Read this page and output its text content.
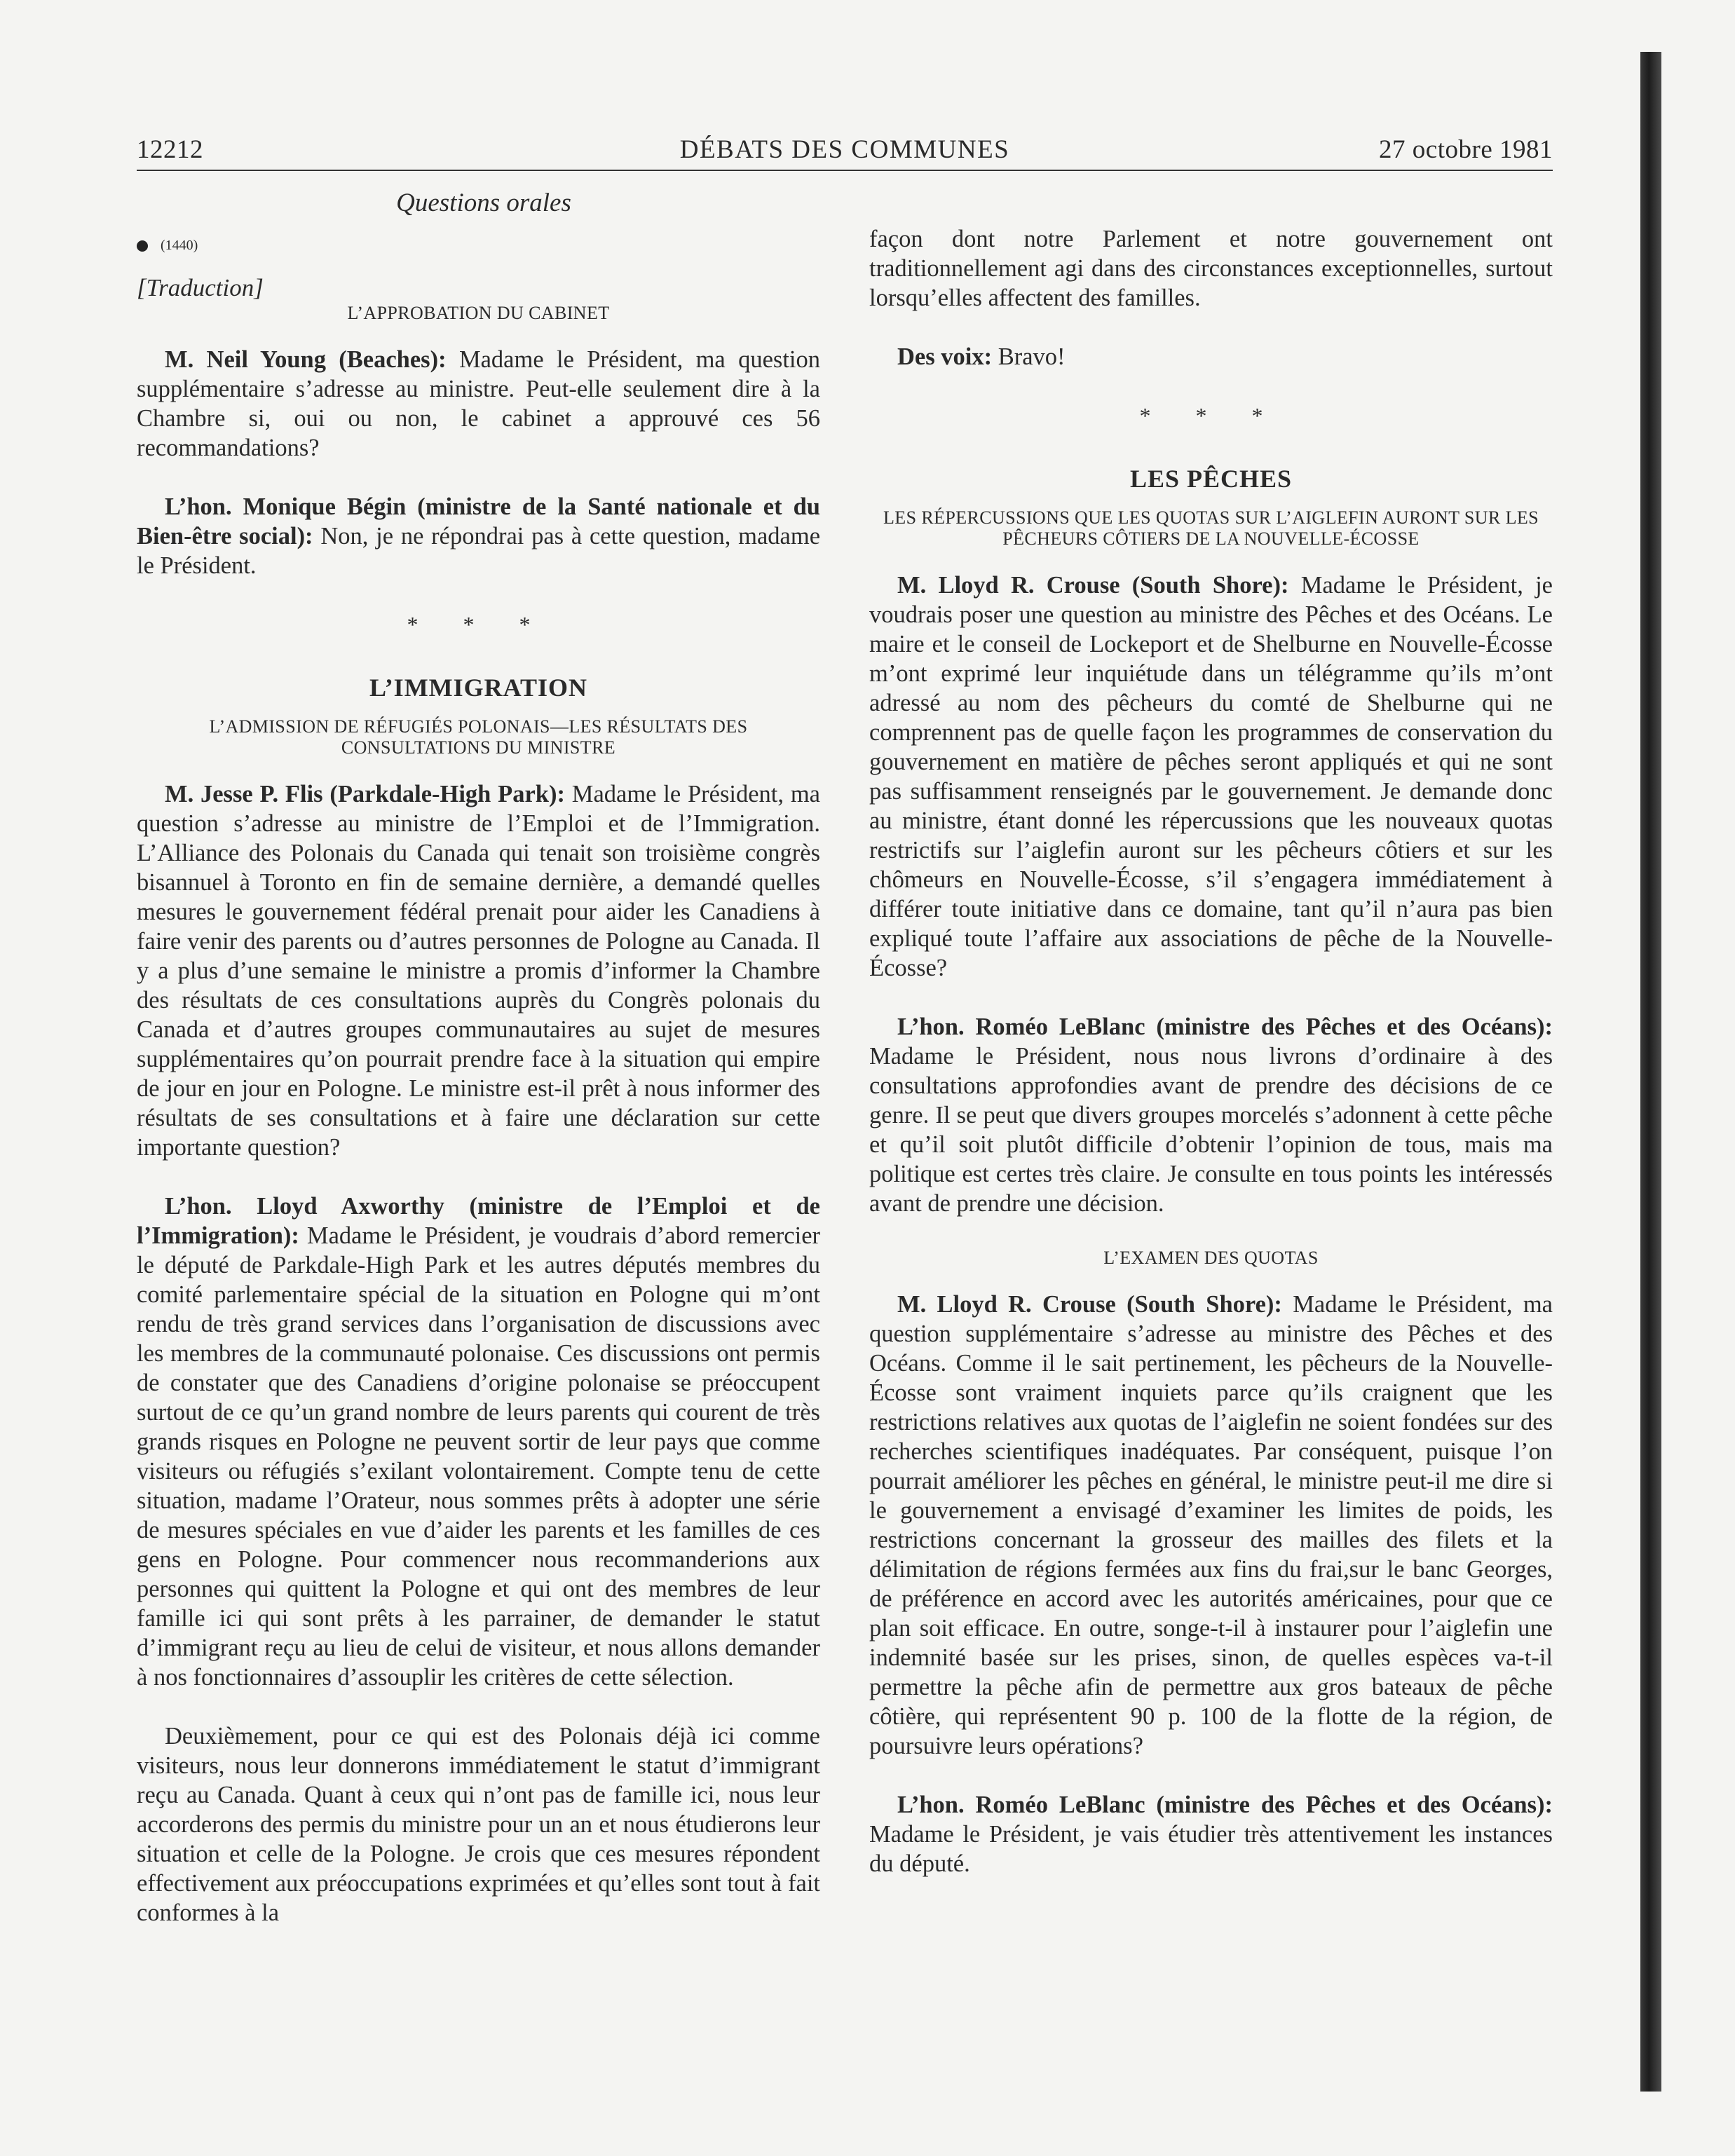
12212	DÉBATS DES COMMUNES	27 octobre 1981
Questions orales
(1440)
[Traduction]
L’APPROBATION DU CABINET

M. Neil Young (Beaches): Madame le Président, ma question supplémentaire s’adresse au ministre. Peut-elle seulement dire à la Chambre si, oui ou non, le cabinet a approuvé ces 56 recommandations?

L’hon. Monique Bégin (ministre de la Santé nationale et du Bien-être social): Non, je ne répondrai pas à cette question, madame le Président.

* * *
L’IMMIGRATION
L’ADMISSION DE RÉFUGIÉS POLONAIS—LES RÉSULTATS DES CONSULTATIONS DU MINISTRE

M. Jesse P. Flis (Parkdale-High Park): Madame le Président, ma question s’adresse au ministre de l’Emploi et de l’Immigration. L’Alliance des Polonais du Canada qui tenait son troisième congrès bisannuel à Toronto en fin de semaine dernière, a demandé quelles mesures le gouvernement fédéral prenait pour aider les Canadiens à faire venir des parents ou d’autres personnes de Pologne au Canada. Il y a plus d’une semaine le ministre a promis d’informer la Chambre des résultats de ces consultations auprès du Congrès polonais du Canada et d’autres groupes communautaires au sujet de mesures supplémentaires qu’on pourrait prendre face à la situation qui empire de jour en jour en Pologne. Le ministre est-il prêt à nous informer des résultats de ses consultations et à faire une déclaration sur cette importante question?

L’hon. Lloyd Axworthy (ministre de l’Emploi et de l’Immigration): Madame le Président, je voudrais d’abord remercier le député de Parkdale-High Park et les autres députés membres du comité parlementaire spécial de la situation en Pologne qui m’ont rendu de très grand services dans l’organisation de discussions avec les membres de la communauté polonaise. Ces discussions ont permis de constater que des Canadiens d’origine polonaise se préoccupent surtout de ce qu’un grand nombre de leurs parents qui courent de très grands risques en Pologne ne peuvent sortir de leur pays que comme visiteurs ou réfugiés s’exilant volontairement. Compte tenu de cette situation, madame l’Orateur, nous sommes prêts à adopter une série de mesures spéciales en vue d’aider les parents et les familles de ces gens en Pologne. Pour commencer nous recommanderions aux personnes qui quittent la Pologne et qui ont des membres de leur famille ici qui sont prêts à les parrainer, de demander le statut d’immigrant reçu au lieu de celui de visiteur, et nous allons demander à nos fonctionnaires d’assouplir les critères de cette sélection.

Deuxièmement, pour ce qui est des Polonais déjà ici comme visiteurs, nous leur donnerons immédiatement le statut d’immigrant reçu au Canada. Quant à ceux qui n’ont pas de famille ici, nous leur accorderons des permis du ministre pour un an et nous étudierons leur situation et celle de la Pologne. Je crois que ces mesures répondent effectivement aux préoccupations exprimées et qu’elles sont tout à fait conformes à la

façon dont notre Parlement et notre gouvernement ont traditionnellement agi dans des circonstances exceptionnelles, surtout lorsqu’elles affectent des familles.

Des voix: Bravo!

* * *
LES PÊCHES
LES RÉPERCUSSIONS QUE LES QUOTAS SUR L’AIGLEFIN AURONT SUR LES PÊCHEURS CÔTIERS DE LA NOUVELLE-ÉCOSSE

M. Lloyd R. Crouse (South Shore): Madame le Président, je voudrais poser une question au ministre des Pêches et des Océans. Le maire et le conseil de Lockeport et de Shelburne en Nouvelle-Écosse m’ont exprimé leur inquiétude dans un télégramme qu’ils m’ont adressé au nom des pêcheurs du comté de Shelburne qui ne comprennent pas de quelle façon les programmes de conservation du gouvernement en matière de pêches seront appliqués et qui ne sont pas suffisamment renseignés par le gouvernement. Je demande donc au ministre, étant donné les répercussions que les nouveaux quotas restrictifs sur l’aiglefin auront sur les pêcheurs côtiers et sur les chômeurs en Nouvelle-Écosse, s’il s’engagera immédiatement à différer toute initiative dans ce domaine, tant qu’il n’aura pas bien expliqué toute l’affaire aux associations de pêche de la Nouvelle-Écosse?

L’hon. Roméo LeBlanc (ministre des Pêches et des Océans): Madame le Président, nous nous livrons d’ordinaire à des consultations approfondies avant de prendre des décisions de ce genre. Il se peut que divers groupes morcelés s’adonnent à cette pêche et qu’il soit plutôt difficile d’obtenir l’opinion de tous, mais ma politique est certes très claire. Je consulte en tous points les intéressés avant de prendre une décision.

L’EXAMEN DES QUOTAS

M. Lloyd R. Crouse (South Shore): Madame le Président, ma question supplémentaire s’adresse au ministre des Pêches et des Océans. Comme il le sait pertinement, les pêcheurs de la Nouvelle-Écosse sont vraiment inquiets parce qu’ils craignent que les restrictions relatives aux quotas de l’aiglefin ne soient fondées sur des recherches scientifiques inadéquates. Par conséquent, puisque l’on pourrait améliorer les pêches en général, le ministre peut-il me dire si le gouvernement a envisagé d’examiner les limites de poids, les restrictions concernant la grosseur des mailles des filets et la délimitation de régions fermées aux fins du frai,sur le banc Georges, de préférence en accord avec les autorités américaines, pour que ce plan soit efficace. En outre, songe-t-il à instaurer pour l’aiglefin une indemnité basée sur les prises, sinon, de quelles espèces va-t-il permettre la pêche afin de permettre aux gros bateaux de pêche côtière, qui représentent 90 p. 100 de la flotte de la région, de poursuivre leurs opérations?

L’hon. Roméo LeBlanc (ministre des Pêches et des Océans): Madame le Président, je vais étudier très attentivement les instances du député.
